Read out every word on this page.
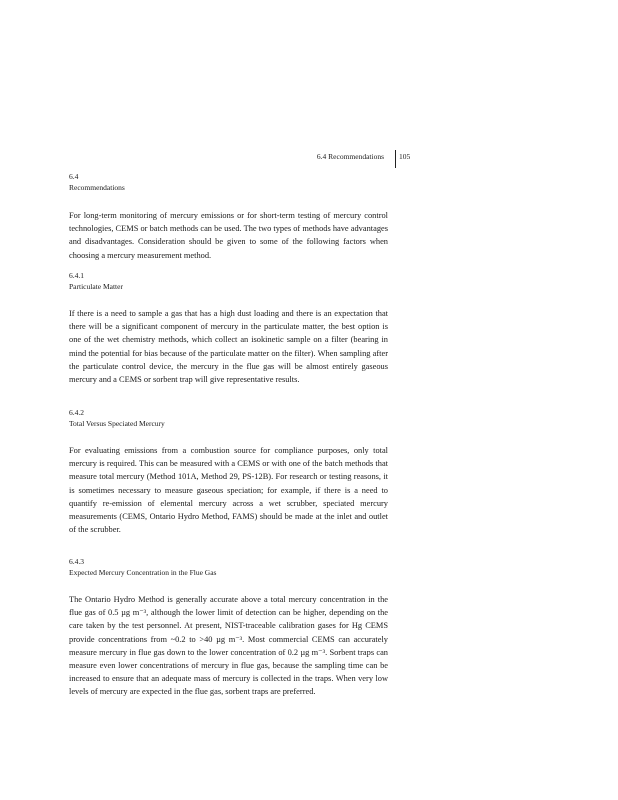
6.4 Recommendations 105
6.4
Recommendations
For long-term monitoring of mercury emissions or for short-term testing of mercury control technologies, CEMS or batch methods can be used. The two types of methods have advantages and disadvantages. Consideration should be given to some of the following factors when choosing a mercury measurement method.
6.4.1
Particulate Matter
If there is a need to sample a gas that has a high dust loading and there is an expectation that there will be a significant component of mercury in the particulate matter, the best option is one of the wet chemistry methods, which collect an isokinetic sample on a filter (bearing in mind the potential for bias because of the particulate matter on the filter). When sampling after the particulate control device, the mercury in the flue gas will be almost entirely gaseous mercury and a CEMS or sorbent trap will give representative results.
6.4.2
Total Versus Speciated Mercury
For evaluating emissions from a combustion source for compliance purposes, only total mercury is required. This can be measured with a CEMS or with one of the batch methods that measure total mercury (Method 101A, Method 29, PS-12B). For research or testing reasons, it is sometimes necessary to measure gaseous speciation; for example, if there is a need to quantify re-emission of elemental mercury across a wet scrubber, speciated mercury measurements (CEMS, Ontario Hydro Method, FAMS) should be made at the inlet and outlet of the scrubber.
6.4.3
Expected Mercury Concentration in the Flue Gas
The Ontario Hydro Method is generally accurate above a total mercury concentration in the flue gas of 0.5 µg m⁻³, although the lower limit of detection can be higher, depending on the care taken by the test personnel. At present, NIST-traceable calibration gases for Hg CEMS provide concentrations from ~0.2 to >40 µg m⁻³. Most commercial CEMS can accurately measure mercury in flue gas down to the lower concentration of 0.2 µg m⁻³. Sorbent traps can measure even lower concentrations of mercury in flue gas, because the sampling time can be increased to ensure that an adequate mass of mercury is collected in the traps. When very low levels of mercury are expected in the flue gas, sorbent traps are preferred.
